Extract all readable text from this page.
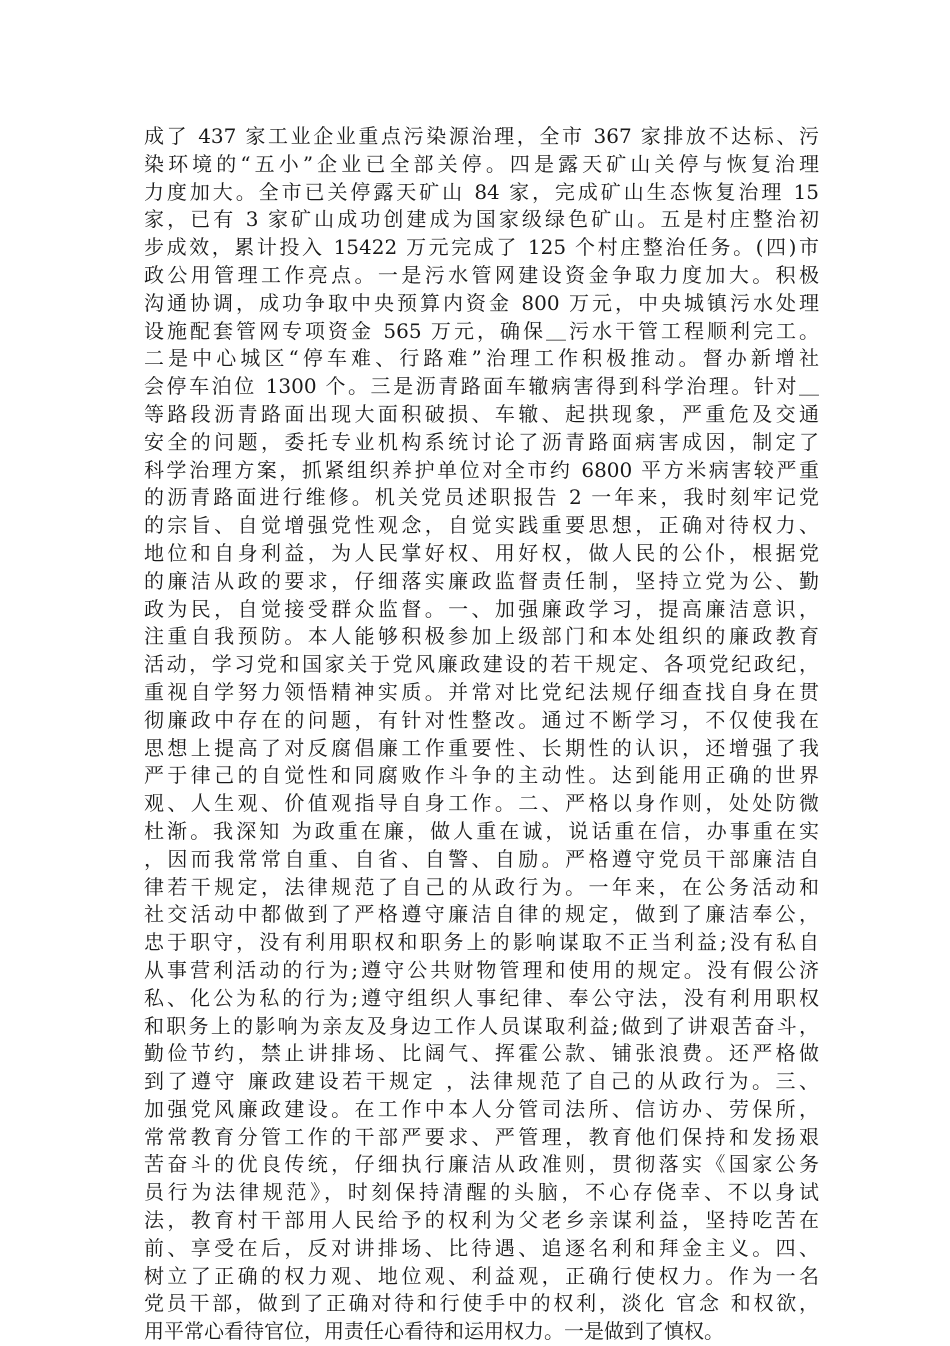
成了 437 家工业企业重点污染源治理，全市 367 家排放不达标、污
染环境的“五小”企业已全部关停。四是露天矿山关停与恢复治理
力度加大。全市已关停露天矿山 84 家，完成矿山生态恢复治理 15
家，已有 3 家矿山成功创建成为国家级绿色矿山。五是村庄整治初
步成效，累计投入 15422 万元完成了 125 个村庄整治任务。(四)市
政公用管理工作亮点。一是污水管网建设资金争取力度加大。积极
沟通协调，成功争取中央预算内资金 800 万元，中央城镇污水处理
设施配套管网专项资金 565 万元，确保＿污水干管工程顺利完工。
二是中心城区“停车难、行路难”治理工作积极推动。督办新增社
会停车泊位 1300 个。三是沥青路面车辙病害得到科学治理。针对＿
等路段沥青路面出现大面积破损、车辙、起拱现象，严重危及交通
安全的问题，委托专业机构系统讨论了沥青路面病害成因，制定了
科学治理方案，抓紧组织养护单位对全市约 6800 平方米病害较严重
的沥青路面进行维修。机关党员述职报告 2 一年来，我时刻牢记党
的宗旨、自觉增强党性观念，自觉实践重要思想，正确对待权力、
地位和自身利益，为人民掌好权、用好权，做人民的公仆，根据党
的廉洁从政的要求，仔细落实廉政监督责任制，坚持立党为公、勤
政为民，自觉接受群众监督。一、加强廉政学习，提高廉洁意识，
注重自我预防。本人能够积极参加上级部门和本处组织的廉政教育
活动，学习党和国家关于党风廉政建设的若干规定、各项党纪政纪，
重视自学努力领悟精神实质。并常对比党纪法规仔细查找自身在贯
彻廉政中存在的问题，有针对性整改。通过不断学习，不仅使我在
思想上提高了对反腐倡廉工作重要性、长期性的认识，还增强了我
严于律己的自觉性和同腐败作斗争的主动性。达到能用正确的世界
观、人生观、价值观指导自身工作。二、严格以身作则，处处防微
杜渐。我深知 为政重在廉，做人重在诚，说话重在信，办事重在实
，因而我常常自重、自省、自警、自励。严格遵守党员干部廉洁自
律若干规定，法律规范了自己的从政行为。一年来，在公务活动和
社交活动中都做到了严格遵守廉洁自律的规定，做到了廉洁奉公，
忠于职守，没有利用职权和职务上的影响谋取不正当利益;没有私自
从事营利活动的行为;遵守公共财物管理和使用的规定。没有假公济
私、化公为私的行为;遵守组织人事纪律、奉公守法，没有利用职权
和职务上的影响为亲友及身边工作人员谋取利益;做到了讲艰苦奋斗，
勤俭节约，禁止讲排场、比阔气、挥霍公款、铺张浪费。还严格做
到了遵守 廉政建设若干规定 ，法律规范了自己的从政行为。三、
加强党风廉政建设。在工作中本人分管司法所、信访办、劳保所，
常常教育分管工作的干部严要求、严管理，教育他们保持和发扬艰
苦奋斗的优良传统，仔细执行廉洁从政准则，贯彻落实《国家公务
员行为法律规范》，时刻保持清醒的头脑，不心存侥幸、不以身试
法，教育村干部用人民给予的权利为父老乡亲谋利益，坚持吃苦在
前、享受在后，反对讲排场、比待遇、追逐名利和拜金主义。四、
树立了正确的权力观、地位观、利益观，正确行使权力。作为一名
党员干部，做到了正确对待和行使手中的权利，淡化 官念 和权欲，
用平常心看待官位，用责任心看待和运用权力。一是做到了慎权。
